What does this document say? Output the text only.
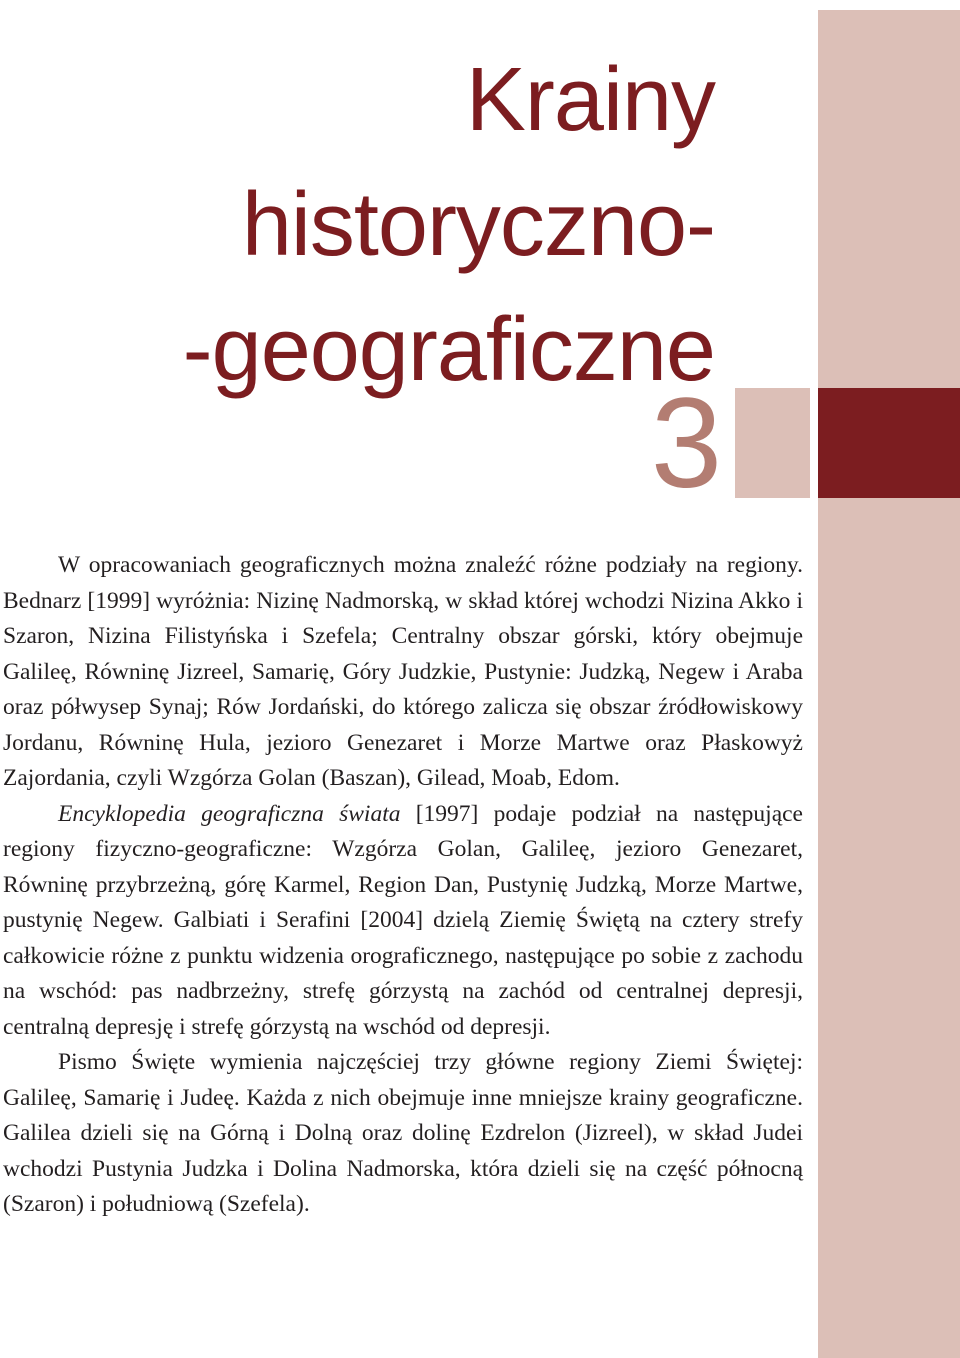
Krainy
historyczno-
-geograficzne
3

W opracowaniach geograficznych można znaleźć różne podziały na regiony. Bednarz [1999] wyróżnia: Nizinę Nadmorską, w skład której wchodzi Nizina Akko i Szaron, Nizina Filistyńska i Szefela; Centralny obszar górski, który obejmuje Galileę, Równinę Jizreel, Samarię, Góry Judzkie, Pustynie: Judzką, Negew i Araba oraz półwysep Synaj; Rów Jordański, do którego zalicza się obszar źródłowiskowy Jordanu, Równinę Hula, jezioro Genezaret i Morze Martwe oraz Płaskowyż Zajordania, czyli Wzgórza Golan (Baszan), Gilead, Moab, Edom.

Encyklopedia geograficzna świata [1997] podaje podział na następujące regiony fizyczno-geograficzne: Wzgórza Golan, Galileę, jezioro Genezaret, Równinę przybrzeżną, górę Karmel, Region Dan, Pustynię Judzką, Morze Martwe, pustynię Negew. Galbiati i Serafini [2004] dzielą Ziemię Świętą na cztery strefy całkowicie różne z punktu widzenia orograficznego, następujące po sobie z zachodu na wschód: pas nadbrzeżny, strefę górzystą na zachód od centralnej depresji, centralną depresję i strefę górzystą na wschód od depresji.

Pismo Święte wymienia najczęściej trzy główne regiony Ziemi Świętej: Galileę, Samarię i Judeę. Każda z nich obejmuje inne mniejsze krainy geograficzne. Galilea dzieli się na Górną i Dolną oraz dolinę Ezdrelon (Jizreel), w skład Judei wchodzi Pustynia Judzka i Dolina Nadmorska, która dzieli się na część północną (Szaron) i południową (Szefela).
